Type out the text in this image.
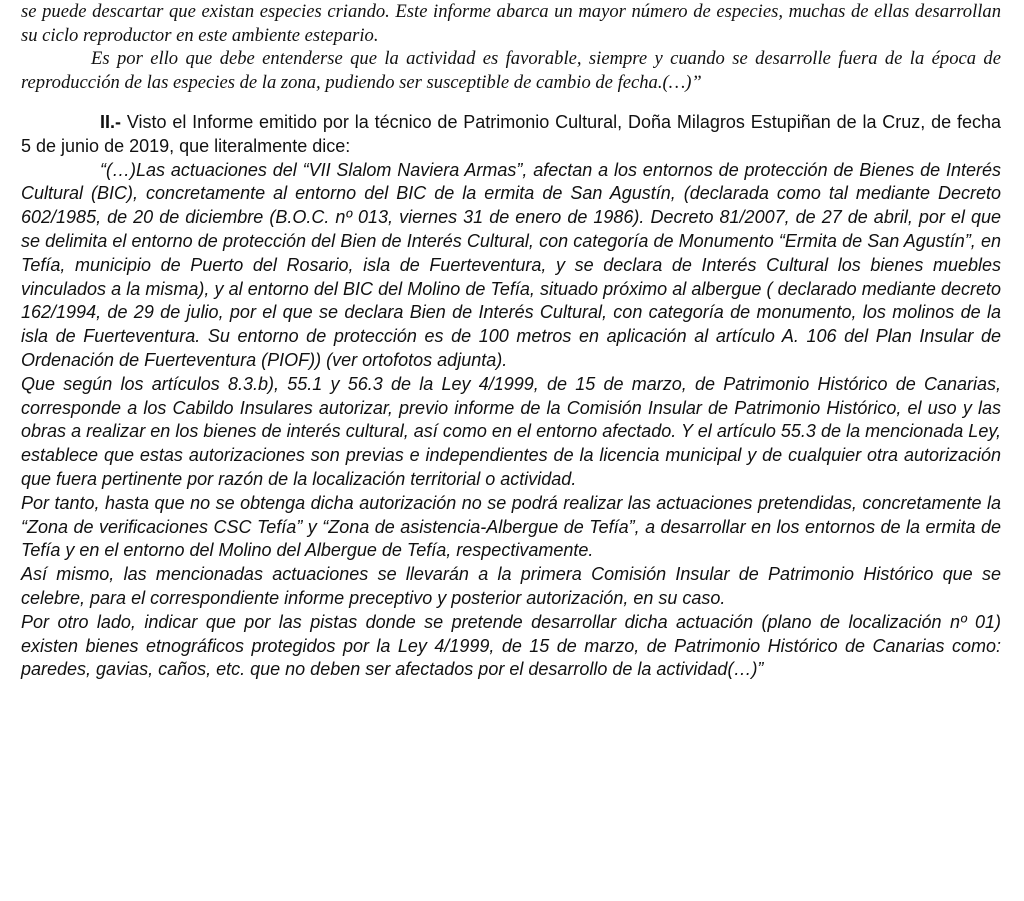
se puede descartar que existan especies criando. Este informe abarca un mayor número de especies, muchas de ellas desarrollan su ciclo reproductor en este ambiente estepario.

Es por ello que debe entenderse que la actividad es favorable, siempre y cuando se desarrolle fuera de la época de reproducción de las especies de la zona, pudiendo ser susceptible de cambio de fecha.(…)”

II.- Visto el Informe emitido por la técnico de Patrimonio Cultural, Doña Milagros Estupiñan de la Cruz, de fecha 5 de junio de 2019, que literalmente dice:

“(…)Las actuaciones del “VII Slalom Naviera Armas”, afectan a los entornos de protección de Bienes de Interés Cultural (BIC), concretamente al entorno del BIC de la ermita de San Agustín, (declarada como tal mediante Decreto 602/1985, de 20 de diciembre (B.O.C. nº 013, viernes 31 de enero de 1986). Decreto 81/2007, de 27 de abril, por el que se delimita el entorno de protección del Bien de Interés Cultural, con categoría de Monumento “Ermita de San Agustín”, en Tefía, municipio de Puerto del Rosario, isla de Fuerteventura, y se declara de Interés Cultural los bienes muebles vinculados a la misma), y al entorno del BIC del Molino de Tefía, situado próximo al albergue ( declarado mediante decreto 162/1994, de 29 de julio, por el que se declara Bien de Interés Cultural, con categoría de monumento, los molinos de la isla de Fuerteventura. Su entorno de protección es de 100 metros en aplicación al artículo A. 106 del Plan Insular de Ordenación de Fuerteventura (PIOF)) (ver ortofotos adjunta).

Que según los artículos 8.3.b), 55.1 y 56.3 de la Ley 4/1999, de 15 de marzo, de Patrimonio Histórico de Canarias, corresponde a los Cabildo Insulares autorizar, previo informe de la Comisión Insular de Patrimonio Histórico, el uso y las obras a realizar en los bienes de interés cultural, así como en el entorno afectado. Y el artículo 55.3 de la mencionada Ley, establece que estas autorizaciones son previas e independientes de la licencia municipal y de cualquier otra autorización que fuera pertinente por razón de la localización territorial o actividad.

Por tanto, hasta que no se obtenga dicha autorización no se podrá realizar las actuaciones pretendidas, concretamente la “Zona de verificaciones CSC Tefía” y “Zona de asistencia-Albergue de Tefía”, a desarrollar en los entornos de la ermita de Tefía y en el entorno del Molino del Albergue de Tefía, respectivamente.

Así mismo, las mencionadas actuaciones se llevarán a la primera Comisión Insular de Patrimonio Histórico que se celebre, para el correspondiente informe preceptivo y posterior autorización, en su caso.

Por otro lado, indicar que por las pistas donde se pretende desarrollar dicha actuación (plano de localización nº 01) existen bienes etnográficos protegidos por la Ley 4/1999, de 15 de marzo, de Patrimonio Histórico de Canarias como: paredes, gavias, caños, etc. que no deben ser afectados por el desarrollo de la actividad(…)”
